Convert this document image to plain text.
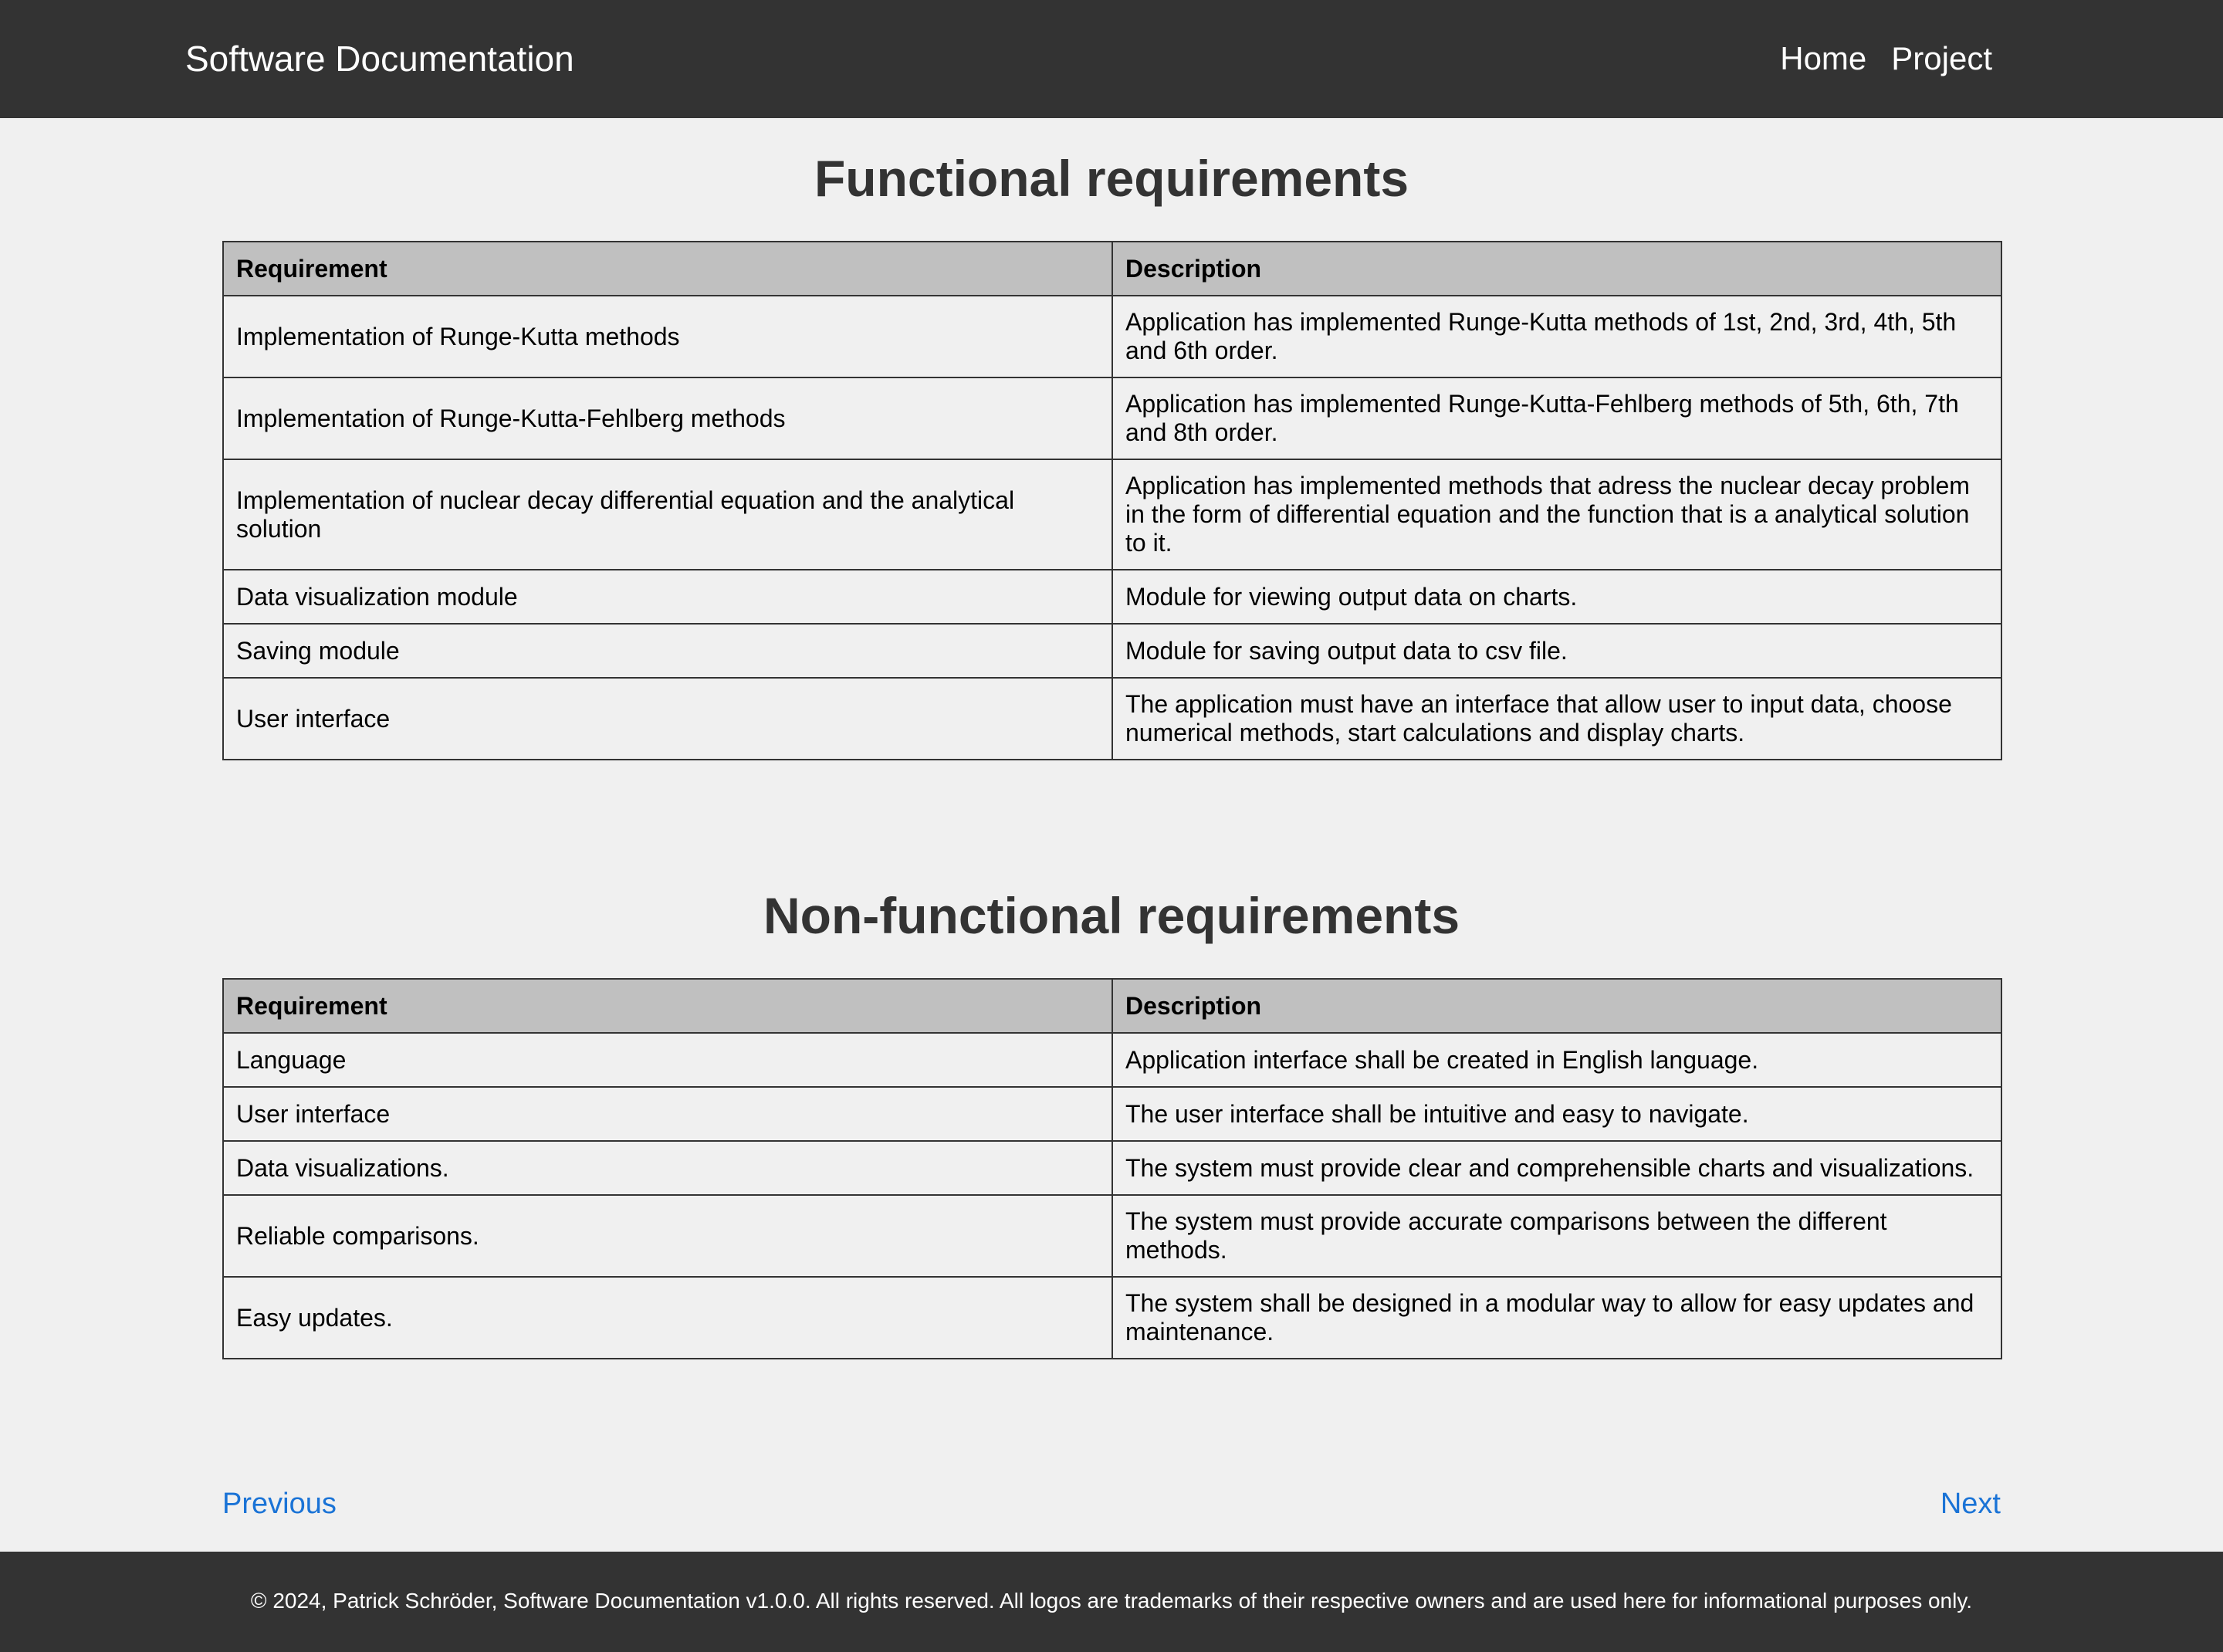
Software Documentation	Home Project
Functional requirements
Requirement	Description
Implementation of Runge-Kutta methods	Application has implemented Runge-Kutta methods of 1st, 2nd, 3rd, 4th, 5th and 6th order.
Implementation of Runge-Kutta-Fehlberg methods	Application has implemented Runge-Kutta-Fehlberg methods of 5th, 6th, 7th and 8th order.
Implementation of nuclear decay differential equation and the analytical solution	Application has implemented methods that adress the nuclear decay problem in the form of differential equation and the function that is a analytical solution to it.
Data visualization module	Module for viewing output data on charts.
Saving module	Module for saving output data to csv file.
User interface	The application must have an interface that allow user to input data, choose numerical methods, start calculations and display charts.
Non-functional requirements
Requirement	Description
Language	Application interface shall be created in English language.
User interface	The user interface shall be intuitive and easy to navigate.
Data visualizations.	The system must provide clear and comprehensible charts and visualizations.
Reliable comparisons.	The system must provide accurate comparisons between the different methods.
Easy updates.	The system shall be designed in a modular way to allow for easy updates and maintenance.
Previous	Next

© 2024, Patrick Schröder, Software Documentation v1.0.0. All rights reserved. All logos are trademarks of their respective owners and are used here for informational purposes only.
